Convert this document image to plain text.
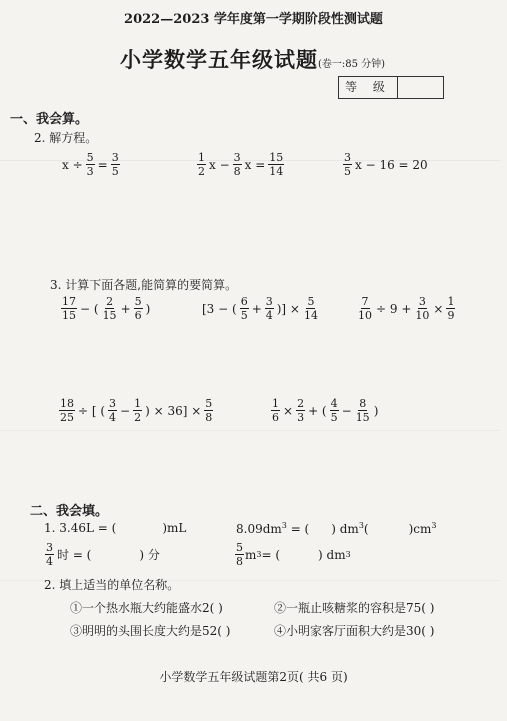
2022—2023 学年度第一学期阶段性测试题
小学数学五年级试题(卷一:85 分钟)
等 级
一、我会算。
2. 解方程。
$x \div \frac{5}{3} = \frac{3}{5}$	$\frac{1}{2}$ $x - \frac{3}{8}$ $x = \frac{15}{14}$	$\frac{3}{5}$ x − 16 = 20
3. 计算下面各题,能简算的要简算。
$\frac{17}{15}$ − ( $\frac{2}{15} + \frac{5}{6}$ )	[3 − ( $\frac{6}{5} + \frac{3}{4}$ )] × $\frac{5}{14}$	$\frac{7}{10} \div 9 + \frac{3}{10} \times \frac{1}{9}$
$\frac{18}{25}$ ÷ [ ( $\frac{3}{4} - \frac{1}{2}$ ) × $36] \times \frac{5}{8}$	$\frac{1}{6} \times \frac{2}{3}$ + ( $\frac{4}{5} - \frac{8}{15}$ )
二、我会填。
1. 3.46L = (	)mL	$8.09dm^3$ = ( ) $dm^3$(	)$cm^3$
$\frac{3}{4}$ 时 = (	) 分	$\frac{5}{8}$ m 3 = (	) dm 3
2. 填上适当的单位名称。
①一个热水瓶大约能盛水2( )	②一瓶止咳糖浆的容积是75( )
③明明的头围长度大约是52( )	④小明家客厅面积大约是30( )
小学数学五年级试题第2页( 共6 页)
